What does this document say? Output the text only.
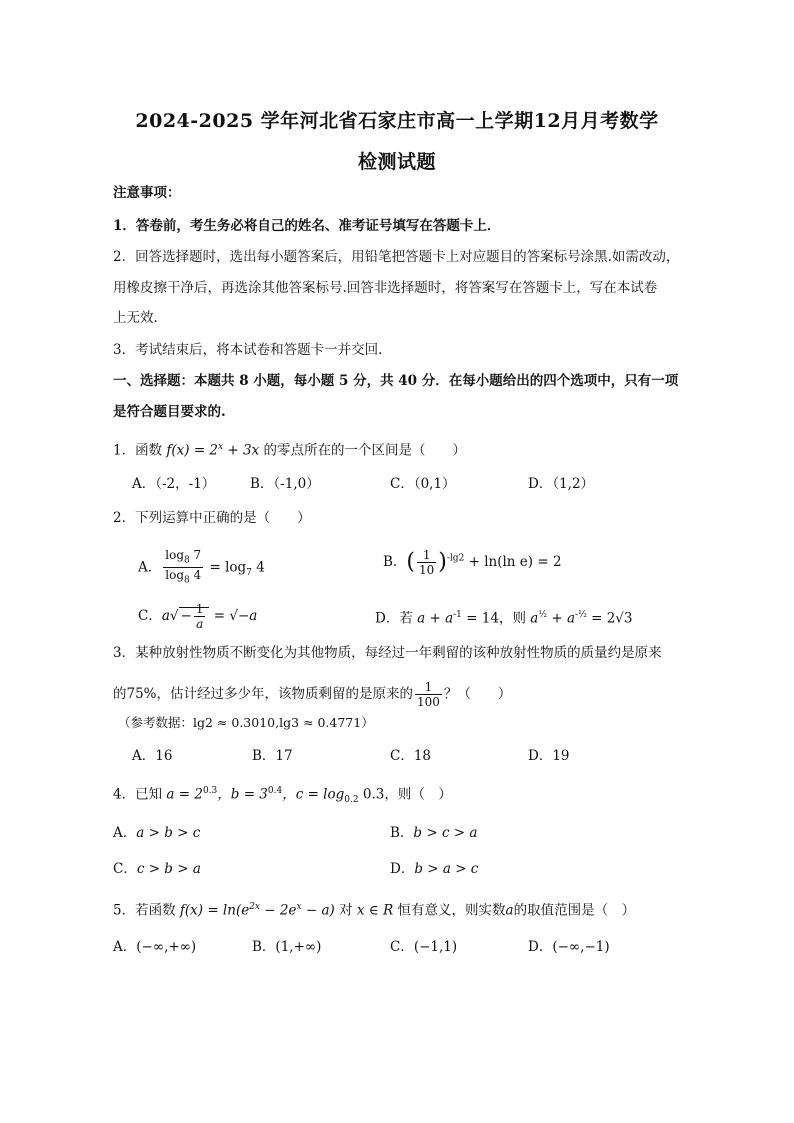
2024-2025 学年河北省石家庄市高一上学期12月月考数学
检测试题
注意事项：
1．答卷前，考生务必将自己的姓名、准考证号填写在答题卡上．
2．回答选择题时，选出每小题答案后，用铅笔把答题卡上对应题目的答案标号涂黑.如需改动，
用橡皮擦干净后，再选涂其他答案标号.回答非选择题时，将答案写在答题卡上，写在本试卷
上无效.
3．考试结束后，将本试卷和答题卡一并交回.
一、选择题：本题共 8 小题，每小题 5 分，共 40 分．在每小题给出的四个选项中，只有一项
是符合题目要求的.
1．函数 $f(x) = 2^x + 3x$ 的零点所在的一个区间是（　　）
A．（-2，-1）	B．（-1,0）	C．（0,1）	D．（1,2）
2．下列运算中正确的是（　　）
A． $\frac{\log_8 7}{\log_8 4} = \log_7 4$	B．( $\frac{1}{10} )^{-lg2} + \ln(\ln$ e) = 2
C．$a√ - \frac{1}{a} = √-a$	D．若 $a + a^{-1} = 14$，则 $a^{\frac{1}{2}} + a^{-\frac{1}{2}} = 2√3$
3．某种放射性物质不断变化为其他物质，每经过一年剩留的该种放射性物质的质量约是原来
的75%，估计经过多少年，该物质剩留的是原来的 $\frac{1}{100}$ ？（　　）
（参考数据：lg2 ≈ 0.3010,lg3 ≈ 0.4771）
A．16	B．17	C．18	D．19
4．已知 $a = 2^{0.3}$，$b = 3^{0.4}$，$c = \log_{0.2} 0.3$，则（　）
A．a > b > c	B．b > c > a
C．c > b > a	D．b > a > c
5．若函数 $f(x) = \ln(e^{2x} - 2e^x - a)$ 对 x ∈ R 恒有意义，则实数a的取值范围是（　）
A．(−∞,+∞)	B．(1,+∞)	C．(−1,1)	D．(−∞,−1)
